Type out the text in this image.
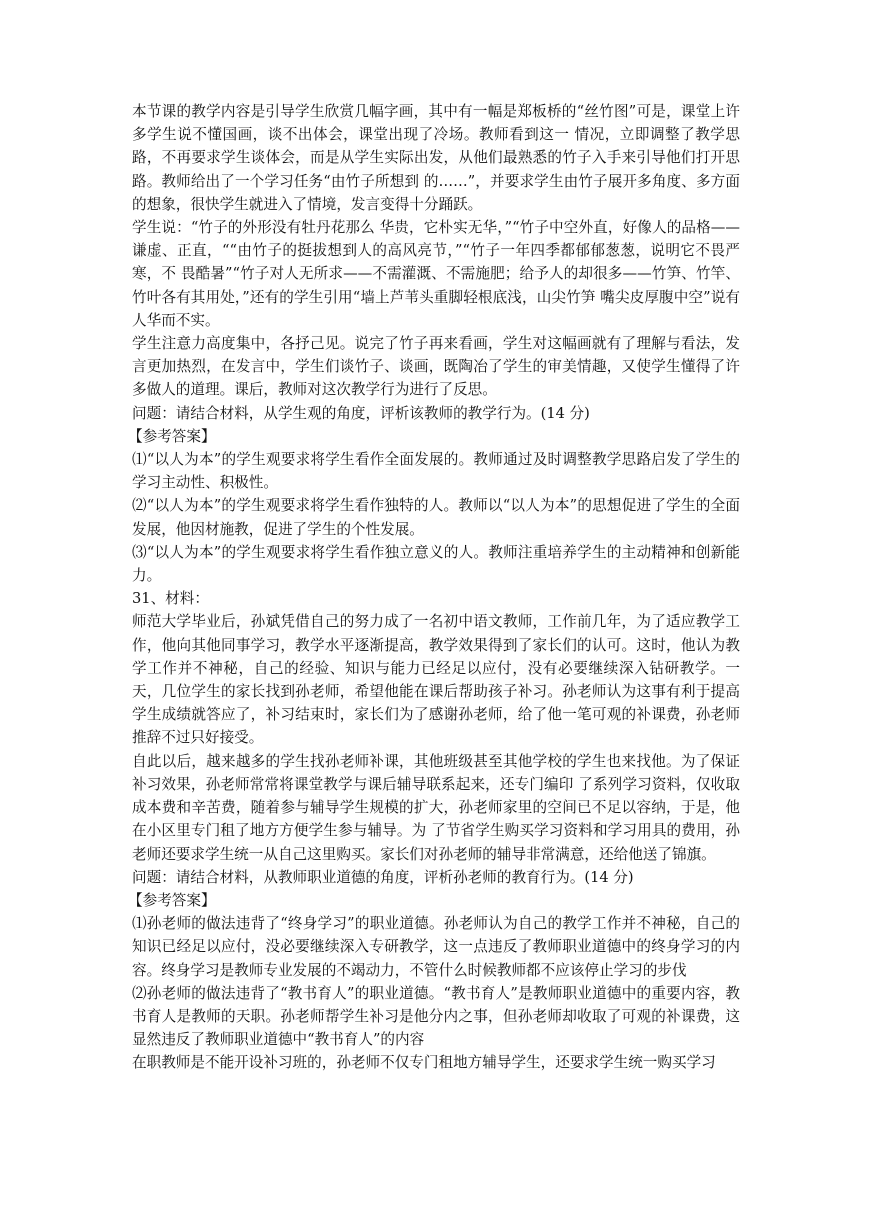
本节课的教学内容是引导学生欣赏几幅字画，其中有一幅是郑板桥的“丝竹图”可是，课堂上许多学生说不懂国画，谈不出体会，课堂出现了冷场。教师看到这一 情况，立即调整了教学思路，不再要求学生谈体会，而是从学生实际出发，从他们最熟悉的竹子入手来引导他们打开思路。教师给出了一个学习任务“由竹子所想到 的……”，并要求学生由竹子展开多角度、多方面的想象，很快学生就进入了情境，发言变得十分踊跃。

学生说：“竹子的外形没有牡丹花那么 华贵，它朴实无华，”“竹子中空外直，好像人的品格——谦虚、正直，““由竹子的挺拔想到人的高风亮节，”“竹子一年四季都郁郁葱葱，说明它不畏严寒，不 畏酷暑”“竹子对人无所求——不需灌溉、不需施肥；给予人的却很多——竹笋、竹竿、竹叶各有其用处，”还有的学生引用“墙上芦苇头重脚轻根底浅，山尖竹笋 嘴尖皮厚腹中空”说有人华而不实。

学生注意力高度集中，各抒己见。说完了竹子再来看画，学生对这幅画就有了理解与看法，发言更加热烈，在发言中，学生们谈竹子、谈画，既陶冶了学生的审美情趣，又使学生懂得了许多做人的道理。课后，教师对这次教学行为进行了反思。

问题：请结合材料，从学生观的角度，评析该教师的教学行为。(14 分)

【参考答案】

⑴“以人为本”的学生观要求将学生看作全面发展的。教师通过及时调整教学思路启发了学生的学习主动性、积极性。

⑵“以人为本”的学生观要求将学生看作独特的人。教师以“以人为本”的思想促进了学生的全面发展，他因材施教，促进了学生的个性发展。

⑶“以人为本”的学生观要求将学生看作独立意义的人。教师注重培养学生的主动精神和创新能力。

31、材料：

师范大学毕业后，孙斌凭借自己的努力成了一名初中语文教师，工作前几年，为了适应教学工作，他向其他同事学习，教学水平逐渐提高，教学效果得到了家长们的认可。这时，他认为教学工作并不神秘，自己的经验、知识与能力已经足以应付，没有必要继续深入钻研教学。一天，几位学生的家长找到孙老师，希望他能在课后帮助孩子补习。孙老师认为这事有利于提高学生成绩就答应了，补习结束时，家长们为了感谢孙老师，给了他一笔可观的补课费，孙老师推辞不过只好接受。

自此以后，越来越多的学生找孙老师补课，其他班级甚至其他学校的学生也来找他。为了保证补习效果，孙老师常常将课堂教学与课后辅导联系起来，还专门编印 了系列学习资料，仅收取成本费和辛苦费，随着参与辅导学生规模的扩大，孙老师家里的空间已不足以容纳，于是，他在小区里专门租了地方方便学生参与辅导。为 了节省学生购买学习资料和学习用具的费用，孙老师还要求学生统一从自己这里购买。家长们对孙老师的辅导非常满意，还给他送了锦旗。

问题：请结合材料，从教师职业道德的角度，评析孙老师的教育行为。(14 分)

【参考答案】

⑴孙老师的做法违背了“终身学习”的职业道德。孙老师认为自己的教学工作并不神秘，自己的知识已经足以应付，没必要继续深入专研教学，这一点违反了教师职业道德中的终身学习的内容。终身学习是教师专业发展的不竭动力，不管什么时候教师都不应该停止学习的步伐

⑵孙老师的做法违背了“教书育人”的职业道德。“教书育人”是教师职业道德中的重要内容，教书育人是教师的天职。孙老师帮学生补习是他分内之事，但孙老师却收取了可观的补课费，这显然违反了教师职业道德中“教书育人”的内容

在职教师是不能开设补习班的，孙老师不仅专门租地方辅导学生，还要求学生统一购买学习
